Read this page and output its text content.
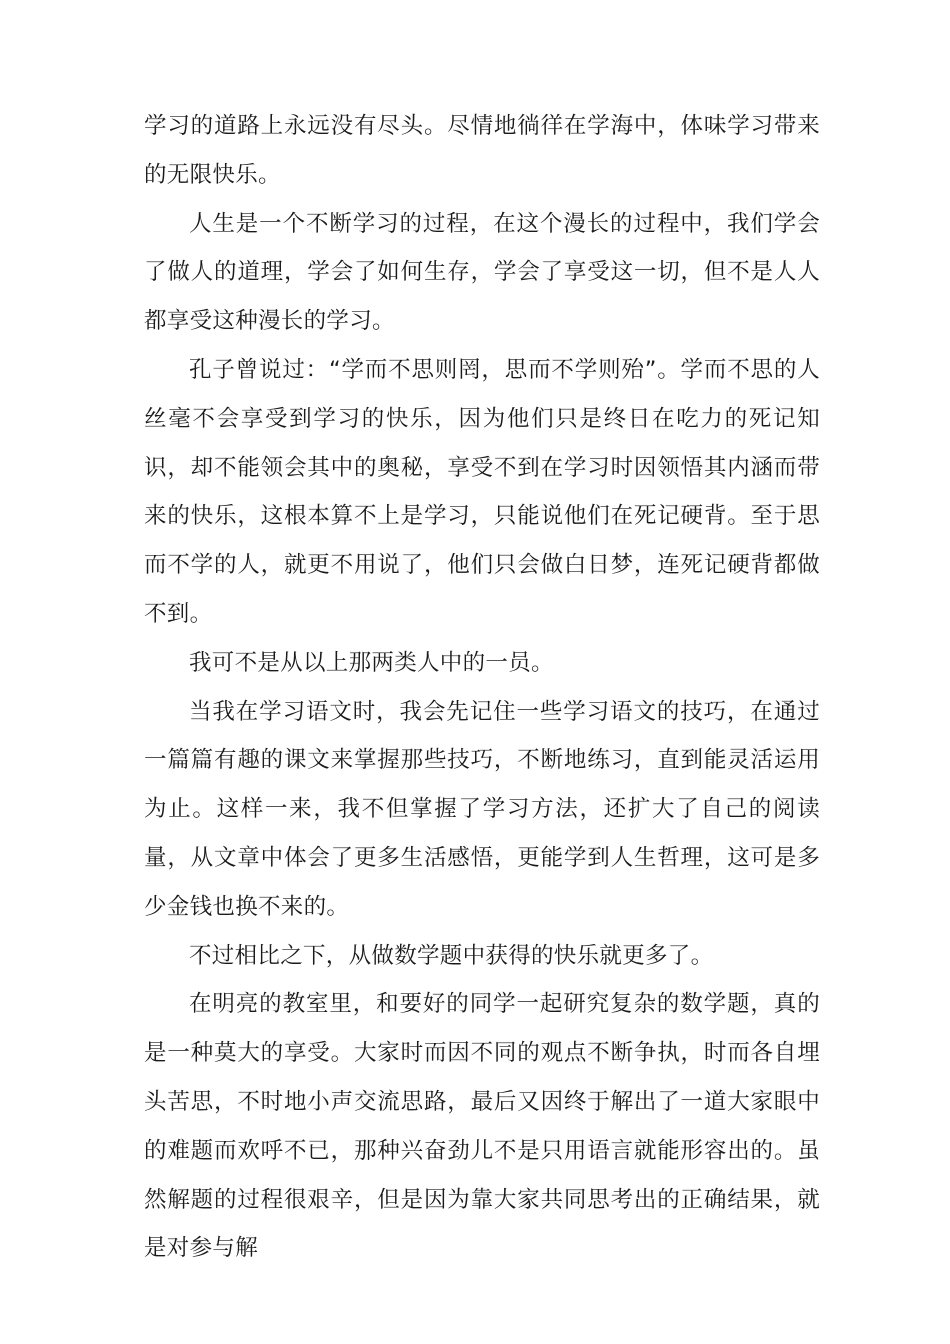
学习的道路上永远没有尽头。尽情地徜徉在学海中，体味学习带来的无限快乐。

人生是一个不断学习的过程，在这个漫长的过程中，我们学会了做人的道理，学会了如何生存，学会了享受这一切，但不是人人都享受这种漫长的学习。

孔子曾说过：“学而不思则罔，思而不学则殆”。学而不思的人丝毫不会享受到学习的快乐，因为他们只是终日在吃力的死记知识，却不能领会其中的奥秘，享受不到在学习时因领悟其内涵而带来的快乐，这根本算不上是学习，只能说他们在死记硬背。至于思而不学的人，就更不用说了，他们只会做白日梦，连死记硬背都做不到。

我可不是从以上那两类人中的一员。

当我在学习语文时，我会先记住一些学习语文的技巧，在通过一篇篇有趣的课文来掌握那些技巧，不断地练习，直到能灵活运用为止。这样一来，我不但掌握了学习方法，还扩大了自己的阅读量，从文章中体会了更多生活感悟，更能学到人生哲理，这可是多少金钱也换不来的。

不过相比之下，从做数学题中获得的快乐就更多了。

在明亮的教室里，和要好的同学一起研究复杂的数学题，真的是一种莫大的享受。大家时而因不同的观点不断争执，时而各自埋头苦思，不时地小声交流思路，最后又因终于解出了一道大家眼中的难题而欢呼不已，那种兴奋劲儿不是只用语言就能形容出的。虽然解题的过程很艰辛，但是因为靠大家共同思考出的正确结果，就是对参与解
